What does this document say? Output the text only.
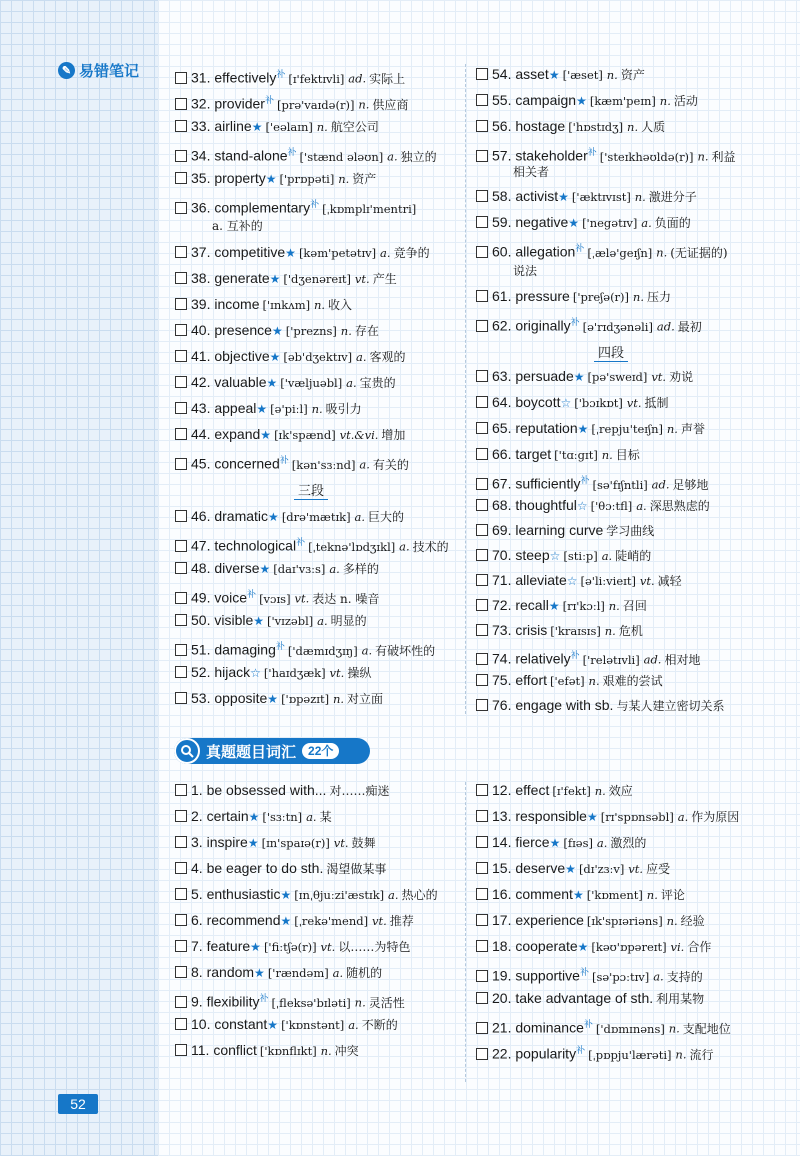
✎ 易错笔记	31. effectively$^补$ [ɪ'fektɪvli] ad. 实际上
32. provider$^补$ [prə'vaɪdə(r)] n. 供应商
33. airline★ ['eəlaɪn] n. 航空公司
34. stand-alone$^补$ ['stænd ələʊn] a. 独立的
35. property★ ['prɒpəti] n. 资产
36. complementary$^补$ [ˌkɒmplɪ'mentri]
37. competitive★ [kəm'petətɪv] a. 竞争的
38. generate★ ['dʒenəreɪt] vt. 产生
39. income ['ɪnkʌm] n. 收入
40. presence★ ['prezns] n. 存在
41. objective★ [əb'dʒektɪv] a. 客观的
42. valuable★ ['væljuəbl] a. 宝贵的
43. appeal★ [ə'piːl] n. 吸引力
44. expand★ [ɪk'spænd] vt.&vi. 增加
45. concerned$^补$ [kən'sɜːnd] a. 有关的
46. dramatic★ [drə'mætɪk] a. 巨大的
47. technological$^补$ [ˌteknə'lɒdʒɪkl] a. 技术的
48. diverse★ [daɪ'vɜːs] a. 多样的
49. voice$^补$ [vɔɪs] vt. 表达 n. 噪音
50. visible★ ['vɪzəbl] a. 明显的
51. damaging$^补$ ['dæmɪdʒɪŋ] a. 有破坏性的
52. hijack☆ ['haɪdʒæk] vt. 操纵
53. opposite★ ['ɒpəzɪt] n. 对立面
54. asset★ ['æset] n. 资产
55. campaign★ [kæm'peɪn] n. 活动
56. hostage ['hɒstɪdʒ] n. 人质
57. stakeholder$^补$ ['steɪkhəʊldə(r)] n. 利益
58. activist★ ['æktɪvɪst] n. 激进分子
59. negative★ ['negətɪv] a. 负面的
60. allegation$^补$ [ˌælə'geɪʃn] n. (无证据的)
61. pressure ['preʃə(r)] n. 压力
62. originally$^补$ [ə'rɪdʒənəli] ad. 最初
63. persuade★ [pə'sweɪd] vt. 劝说
64. boycott☆ ['bɔɪkɒt] vt. 抵制
65. reputation★ [ˌrepju'teɪʃn] n. 声誉
66. target ['tɑːgɪt] n. 目标
67. sufficiently$^补$ [sə'fɪʃntli] ad. 足够地
68. thoughtful☆ ['θɔːtfl] a. 深思熟虑的
69. learning curve 学习曲线
70. steep☆ [stiːp] a. 陡峭的
71. alleviate☆ [ə'liːvieɪt] vt. 减轻
72. recall★ [rɪ'kɔːl] n. 召回
73. crisis ['kraɪsɪs] n. 危机
74. relatively$^补$ ['relətɪvli] ad. 相对地
75. effort ['efət] n. 艰难的尝试
76. engage with sb. 与某人建立密切关系
1. be obsessed with... 对……痴迷
2. certain★ ['sɜːtn] a. 某
3. inspire★ [ɪn'spaɪə(r)] vt. 鼓舞
4. be eager to do sth. 渴望做某事
5. enthusiastic★ [ɪnˌθjuːzi'æstɪk] a. 热心的
6. recommend★ [ˌrekə'mend] vt. 推荐
7. feature★ ['fiːtʃə(r)] vt. 以……为特色
8. random★ ['rændəm] a. 随机的
9. flexibility$^补$ [ˌfleksə'bɪləti] n. 灵活性
10. constant★ ['kɒnstənt] a. 不断的
11. conflict ['kɒnflɪkt] n. 冲突
12. effect [ɪ'fekt] n. 效应
13. responsible★ [rɪ'spɒnsəbl] a. 作为原因
14. fierce★ [fɪəs] a. 激烈的
15. deserve★ [dɪ'zɜːv] vt. 应受
16. comment★ ['kɒment] n. 评论
17. experience [ɪk'spɪəriəns] n. 经验
18. cooperate★ [kəʊ'ɒpəreɪt] vi. 合作
19. supportive$^补$ [sə'pɔːtɪv] a. 支持的
20. take advantage of sth. 利用某物
21. dominance$^补$ ['dɒmɪnəns] n. 支配地位
22. popularity$^补$ [ˌpɒpju'lærəti] n. 流行
a. 互补的
相关者
说法
三段
四段
真题题目词汇	22个
52
